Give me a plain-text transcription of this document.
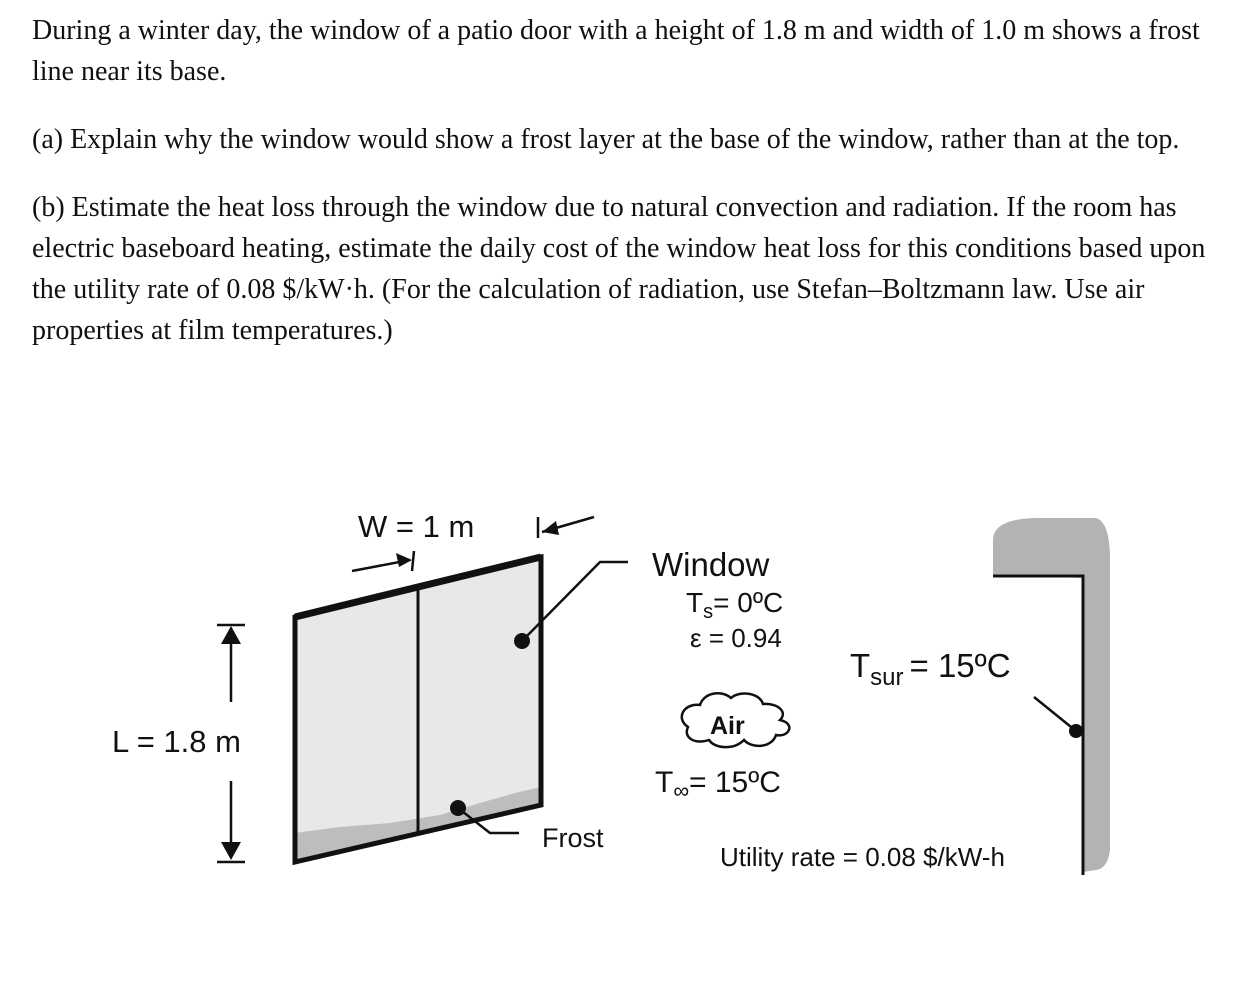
During a winter day, the window of a patio door with a height of 1.8 m and width of 1.0 m shows a frost line near its base.

(a) Explain why the window would show a frost layer at the base of the window, rather than at the top.

(b) Estimate the heat loss through the window due to natural convection and radiation. If the room has electric baseboard heating, estimate the daily cost of the window heat loss for this conditions based upon the utility rate of 0.08 $/kW·h. (For the calculation of radiation, use Stefan–Boltzmann law. Use air properties at film temperatures.)

W = 1 m
L = 1.8 m
Window
$T_s=$ 0ºC
ε = 0.94
Frost
Air
$T_\infty=$ 15ºC
$T_{sur}$ = 15ºC
Utility rate = 0.08 $/kW-h
